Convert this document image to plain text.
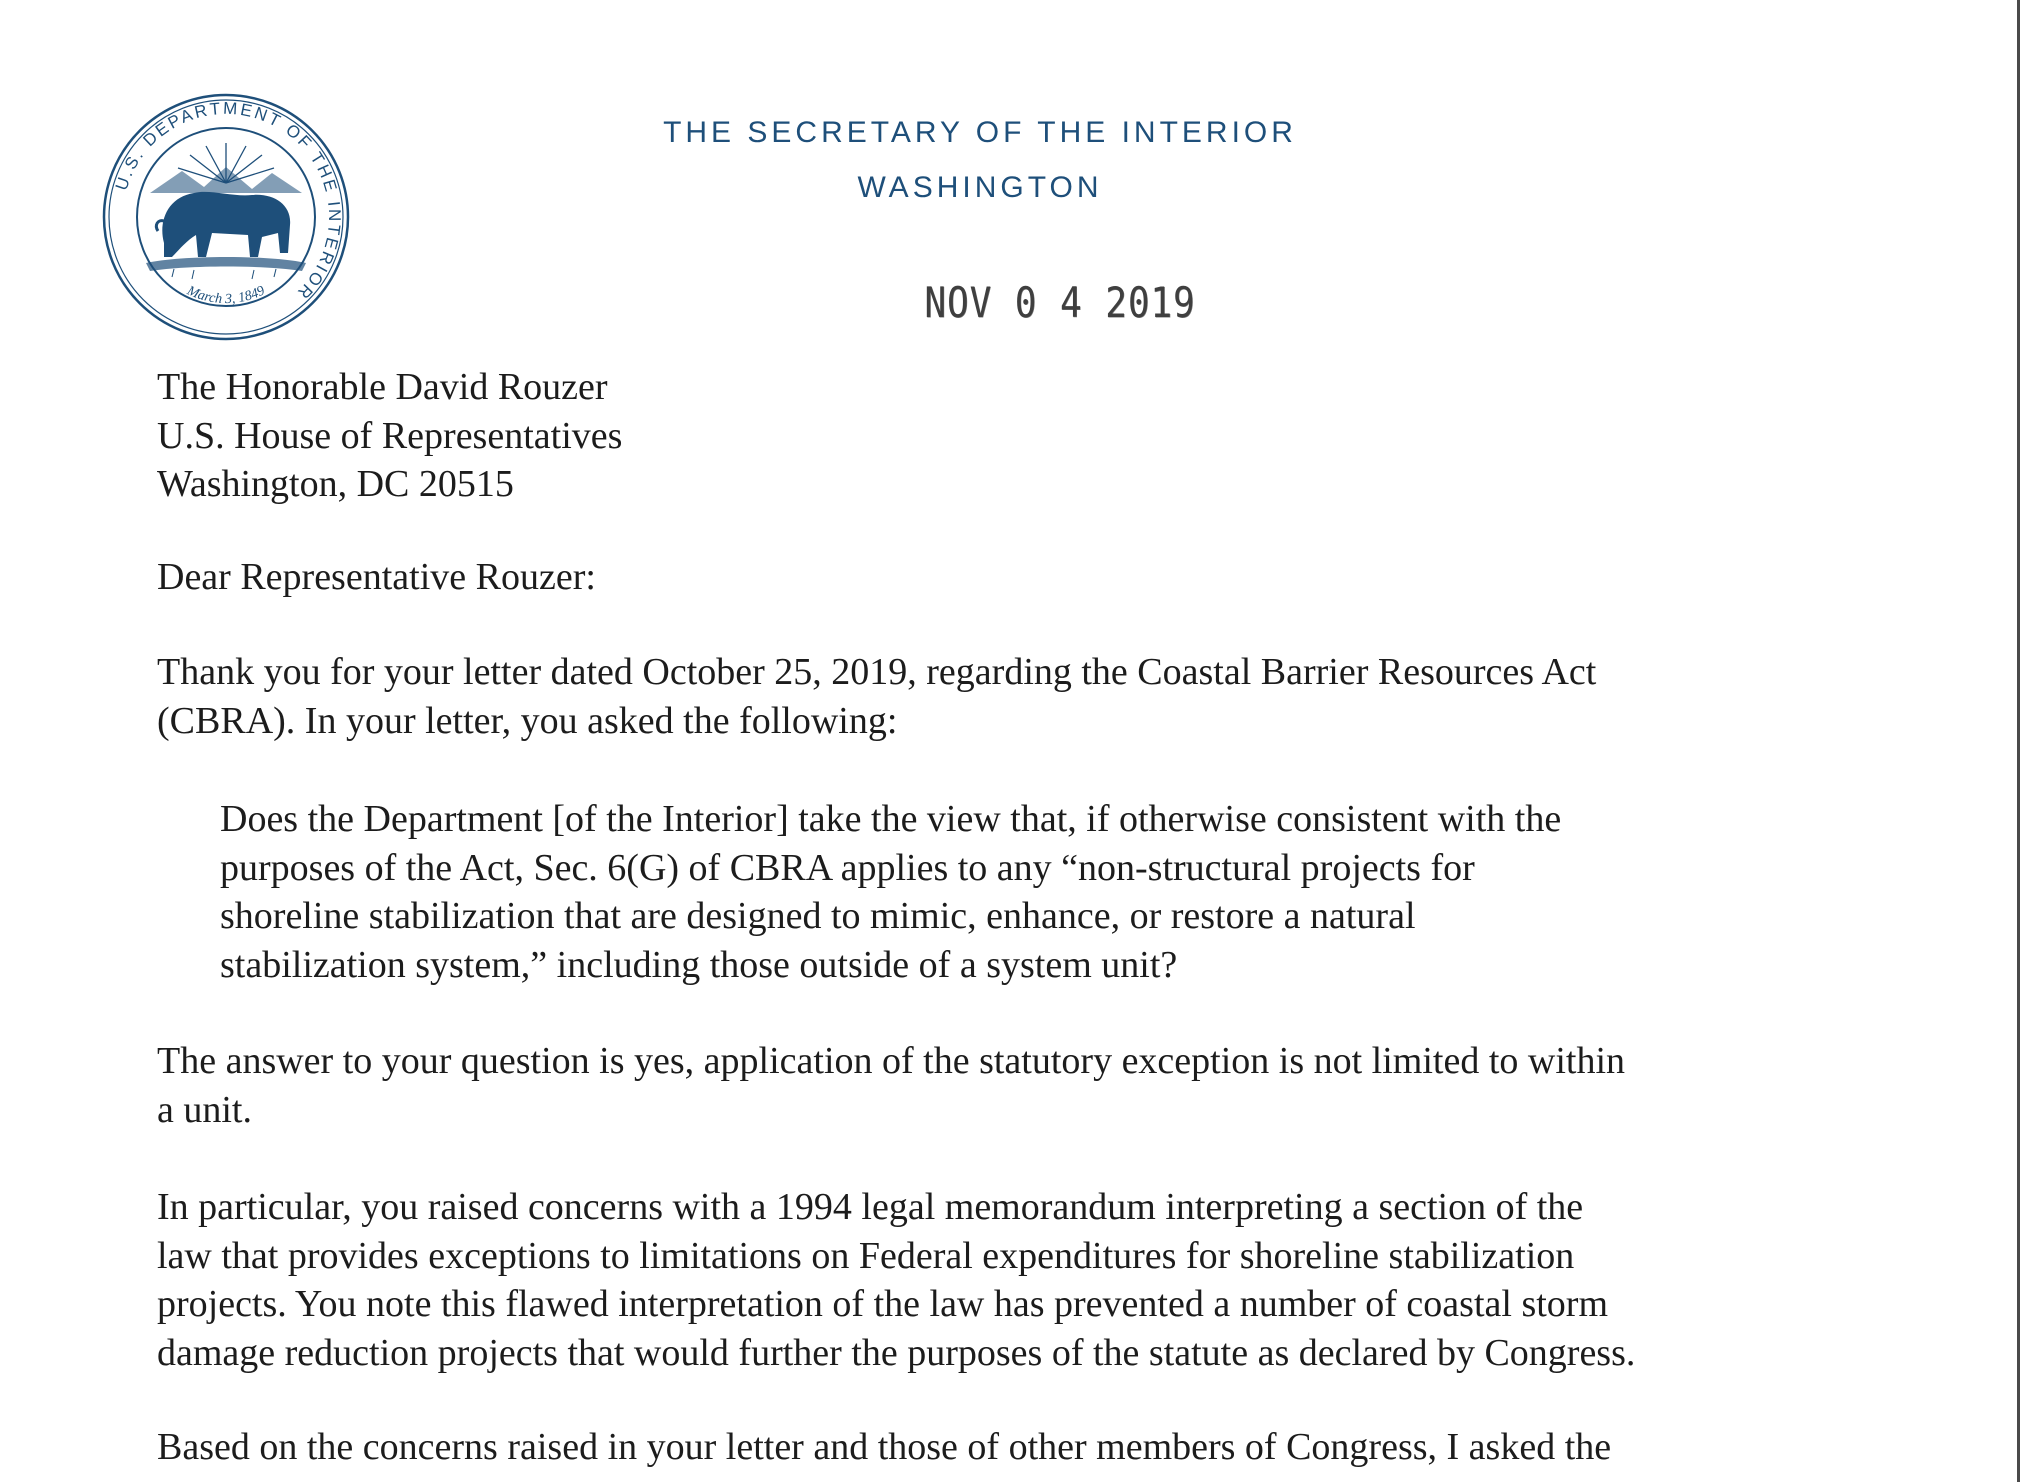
U.S. DEPARTMENT OF THE INTERIOR
March 3, 1849
THE SECRETARY OF THE INTERIOR
WASHINGTON
NOV 0 4 2019
The Honorable David Rouzer
U.S. House of Representatives
Washington, DC 20515
Dear Representative Rouzer:
Thank you for your letter dated October 25, 2019, regarding the Coastal Barrier Resources Act
(CBRA). In your letter, you asked the following:
Does the Department [of the Interior] take the view that, if otherwise consistent with the
purposes of the Act, Sec. 6(G) of CBRA applies to any “non-structural projects for
shoreline stabilization that are designed to mimic, enhance, or restore a natural
stabilization system,” including those outside of a system unit?
The answer to your question is yes, application of the statutory exception is not limited to within
a unit.
In particular, you raised concerns with a 1994 legal memorandum interpreting a section of the
law that provides exceptions to limitations on Federal expenditures for shoreline stabilization
projects. You note this flawed interpretation of the law has prevented a number of coastal storm
damage reduction projects that would further the purposes of the statute as declared by Congress.
Based on the concerns raised in your letter and those of other members of Congress, I asked the
